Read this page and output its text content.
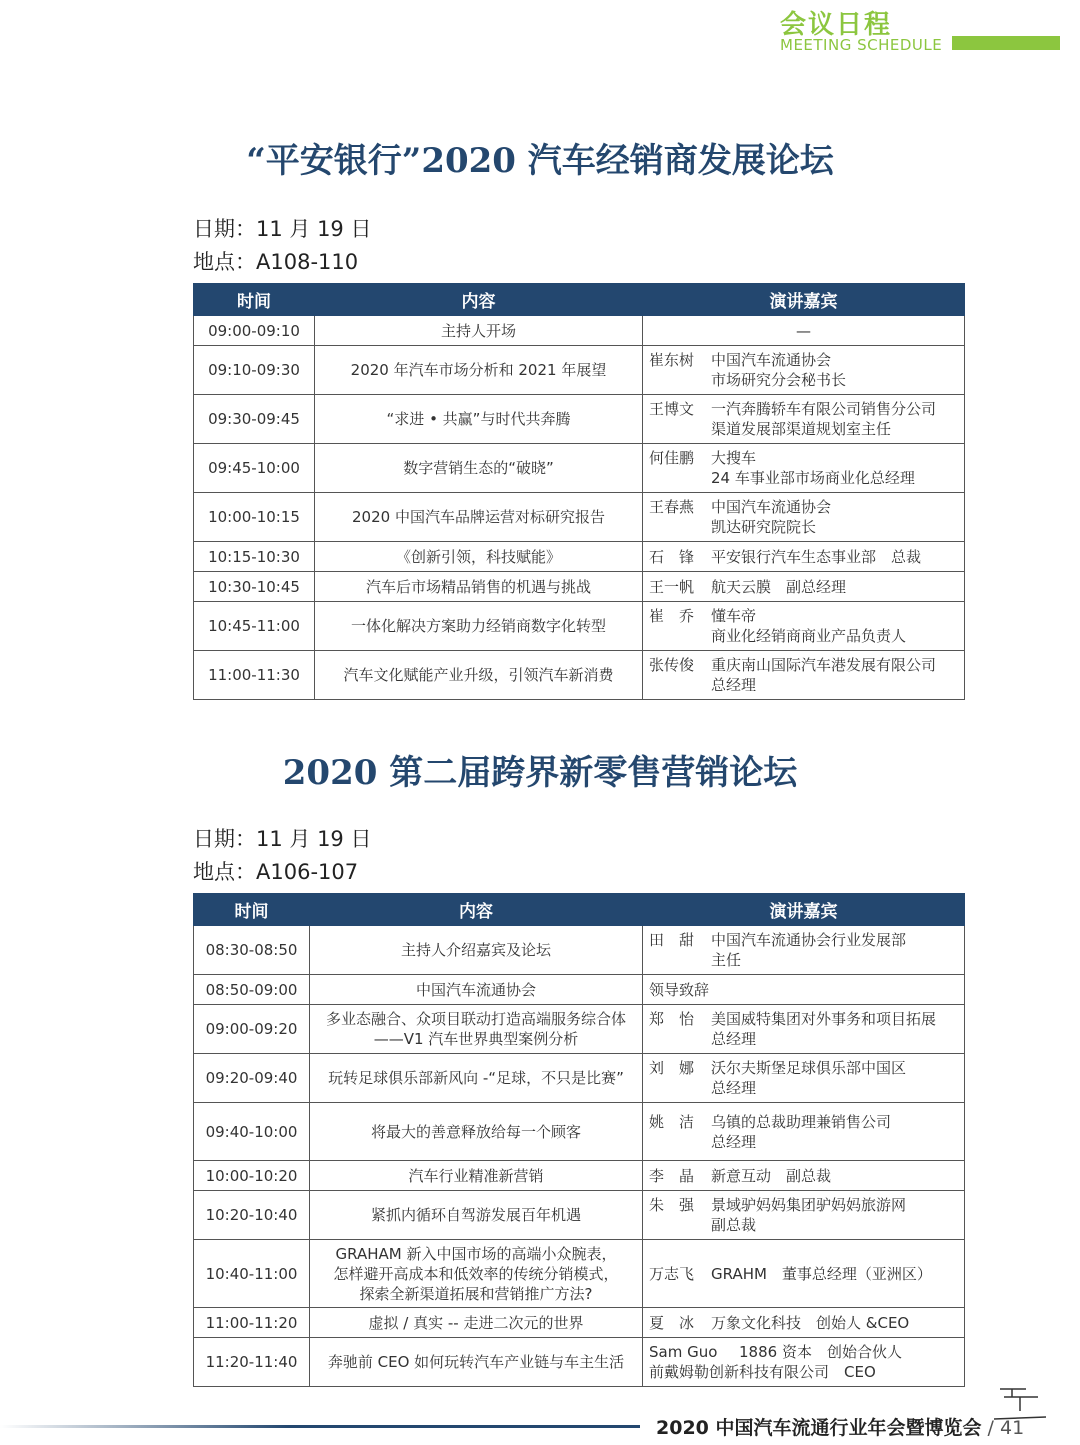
会议日程
MEETING SCHEDULE
“平安银行”2020 汽车经销商发展论坛
日期：11 月 19 日
地点：A108-110
时间	内容	演讲嘉宾
09:00-09:10	主持人开场	—
09:10-09:30	2020 年汽车市场分析和 2021 年展望	崔东树 中国汽车流通协会
市场研究分会秘书长
09:30-09:45	“求进 • 共赢”与时代共奔腾	王博文 一汽奔腾轿车有限公司销售分公司
渠道发展部渠道规划室主任
09:45-10:00	数字营销生态的“破晓”	何佳鹏 大搜车
24 车事业部市场商业化总经理
10:00-10:15	2020 中国汽车品牌运营对标研究报告	王春燕 中国汽车流通协会
凯达研究院院长
10:15-10:30	《创新引领，科技赋能》	石　锋 平安银行汽车生态事业部　总裁
10:30-10:45	汽车后市场精品销售的机遇与挑战	王一帆 航天云膜　副总经理
10:45-11:00	一体化解决方案助力经销商数字化转型	崔　乔 懂车帝
商业化经销商商业产品负责人
11:00-11:30	汽车文化赋能产业升级，引领汽车新消费	张传俊 重庆南山国际汽车港发展有限公司
总经理
2020 第二届跨界新零售营销论坛
日期：11 月 19 日
地点：A106-107
时间	内容	演讲嘉宾
08:30-08:50	主持人介绍嘉宾及论坛	田　甜 中国汽车流通协会行业发展部
主任
08:50-09:00	中国汽车流通协会	领导致辞
09:00-09:20	多业态融合、众项目联动打造高端服务综合体
——V1 汽车世界典型案例分析	郑　怡 美国威特集团对外事务和项目拓展
总经理
09:20-09:40	玩转足球俱乐部新风向 -“足球，不只是比赛”	刘　娜 沃尔夫斯堡足球俱乐部中国区
总经理
09:40-10:00	将最大的善意释放给每一个顾客	姚　洁 乌镇的总裁助理兼销售公司
总经理
10:00-10:20	汽车行业精准新营销	李　晶 新意互动　副总裁
10:20-10:40	紧抓内循环自驾游发展百年机遇	朱　强 景域驴妈妈集团驴妈妈旅游网
副总裁
10:40-11:00	GRAHAM 新入中国市场的高端小众腕表，
怎样避开高成本和低效率的传统分销模式，
探索全新渠道拓展和营销推广方法?	万志飞 GRAHM　董事总经理（亚洲区）
11:00-11:20	虚拟 / 真实 -- 走进二次元的世界	夏　冰 万象文化科技　创始人 &CEO
11:20-11:40	奔驰前 CEO 如何玩转汽车产业链与车主生活	Sam Guo 1886 资本　创始合伙人
前戴姆勒创新科技有限公司　CEO
2020 中国汽车流通行业年会暨博览会 / 41
